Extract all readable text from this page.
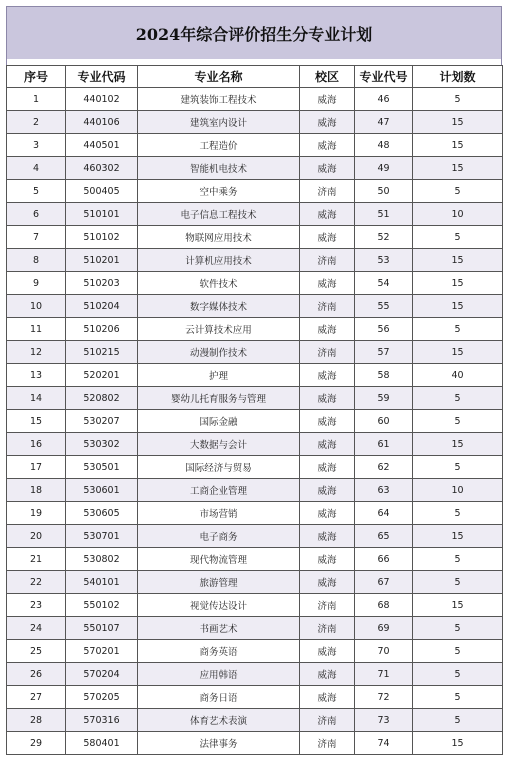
2024年综合评价招生分专业计划
序号	专业代码	专业名称	校区	专业代号	计划数
1	440102	建筑装饰工程技术	威海	46	5
2	440106	建筑室内设计	威海	47	15
3	440501	工程造价	威海	48	15
4	460302	智能机电技术	威海	49	15
5	500405	空中乘务	济南	50	5
6	510101	电子信息工程技术	威海	51	10
7	510102	物联网应用技术	威海	52	5
8	510201	计算机应用技术	济南	53	15
9	510203	软件技术	威海	54	15
10	510204	数字媒体技术	济南	55	15
11	510206	云计算技术应用	威海	56	5
12	510215	动漫制作技术	济南	57	15
13	520201	护理	威海	58	40
14	520802	婴幼儿托育服务与管理	威海	59	5
15	530207	国际金融	威海	60	5
16	530302	大数据与会计	威海	61	15
17	530501	国际经济与贸易	威海	62	5
18	530601	工商企业管理	威海	63	10
19	530605	市场营销	威海	64	5
20	530701	电子商务	威海	65	15
21	530802	现代物流管理	威海	66	5
22	540101	旅游管理	威海	67	5
23	550102	视觉传达设计	济南	68	15
24	550107	书画艺术	济南	69	5
25	570201	商务英语	威海	70	5
26	570204	应用韩语	威海	71	5
27	570205	商务日语	威海	72	5
28	570316	体育艺术表演	济南	73	5
29	580401	法律事务	济南	74	15
